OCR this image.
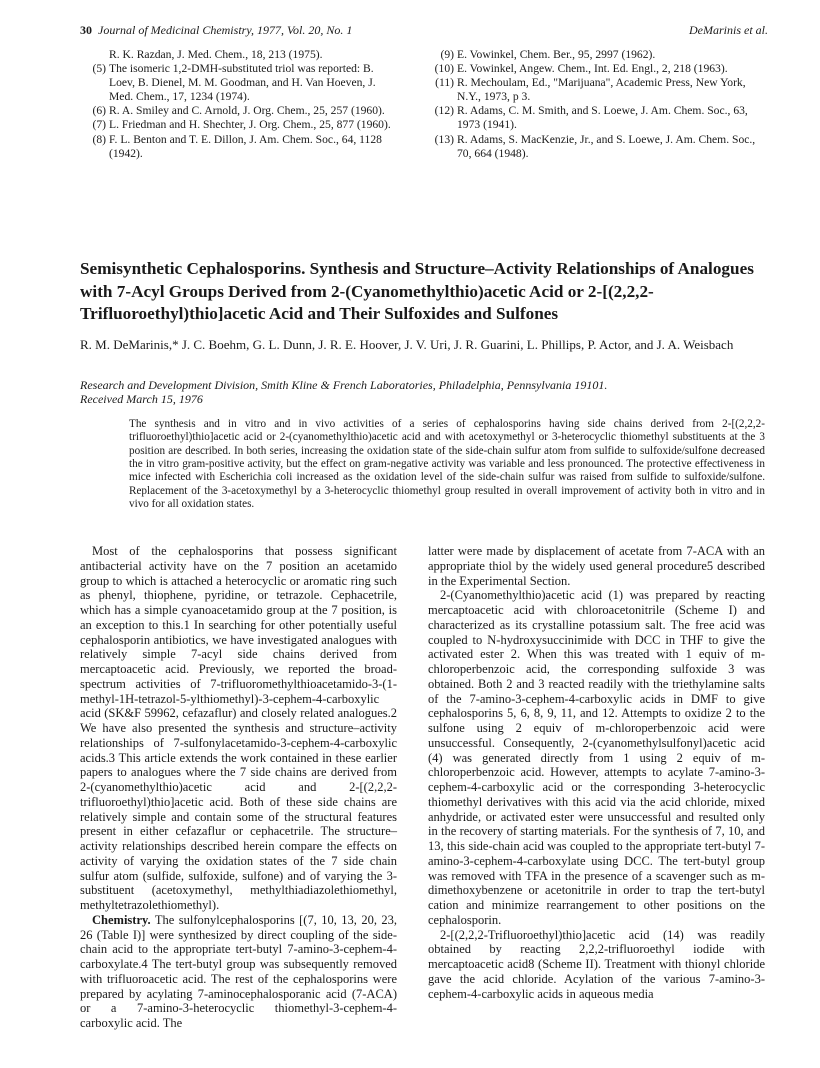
30 Journal of Medicinal Chemistry, 1977, Vol. 20, No. 1	DeMarinis et al.

R. K. Razdan, J. Med. Chem., 18, 213 (1975).

(5) The isomeric 1,2-DMH-substituted triol was reported: B. Loev, B. Dienel, M. M. Goodman, and H. Van Hoeven, J. Med. Chem., 17, 1234 (1974).

(6) R. A. Smiley and C. Arnold, J. Org. Chem., 25, 257 (1960).

(7) L. Friedman and H. Shechter, J. Org. Chem., 25, 877 (1960).

(8) F. L. Benton and T. E. Dillon, J. Am. Chem. Soc., 64, 1128 (1942).

(9) E. Vowinkel, Chem. Ber., 95, 2997 (1962).

(10) E. Vowinkel, Angew. Chem., Int. Ed. Engl., 2, 218 (1963).

(11) R. Mechoulam, Ed., "Marijuana", Academic Press, New York, N.Y., 1973, p 3.

(12) R. Adams, C. M. Smith, and S. Loewe, J. Am. Chem. Soc., 63, 1973 (1941).

(13) R. Adams, S. MacKenzie, Jr., and S. Loewe, J. Am. Chem. Soc., 70, 664 (1948).

Semisynthetic Cephalosporins. Synthesis and Structure–Activity Relationships of Analogues with 7-Acyl Groups Derived from 2-(Cyanomethylthio)acetic Acid or 2-[(2,2,2-Trifluoroethyl)thio]acetic Acid and Their Sulfoxides and Sulfones

R. M. DeMarinis,* J. C. Boehm, G. L. Dunn, J. R. E. Hoover, J. V. Uri, J. R. Guarini, L. Phillips, P. Actor, and J. A. Weisbach

Research and Development Division, Smith Kline & French Laboratories, Philadelphia, Pennsylvania 19101.
Received March 15, 1976

The synthesis and in vitro and in vivo activities of a series of cephalosporins having side chains derived from 2-[(2,2,2-trifluoroethyl)thio]acetic acid or 2-(cyanomethylthio)acetic acid and with acetoxymethyl or 3-heterocyclic thiomethyl substituents at the 3 position are described. In both series, increasing the oxidation state of the side-chain sulfur atom from sulfide to sulfoxide/sulfone decreased the in vitro gram-positive activity, but the effect on gram-negative activity was variable and less pronounced. The protective effectiveness in mice infected with Escherichia coli increased as the oxidation level of the side-chain sulfur was raised from sulfide to sulfoxide/sulfone. Replacement of the 3-acetoxymethyl by a 3-heterocyclic thiomethyl group resulted in overall improvement of activity both in vitro and in vivo for all oxidation states.

Most of the cephalosporins that possess significant antibacterial activity have on the 7 position an acetamido group to which is attached a heterocyclic or aromatic ring such as phenyl, thiophene, pyridine, or tetrazole. Cephacetrile, which has a simple cyanoacetamido group at the 7 position, is an exception to this.1 In searching for other potentially useful cephalosporin antibiotics, we have investigated analogues with relatively simple 7-acyl side chains derived from mercaptoacetic acid. Previously, we reported the broad-spectrum activities of 7-trifluoromethylthioacetamido-3-(1-methyl-1H-tetrazol-5-ylthiomethyl)-3-cephem-4-carboxylic acid (SK&F 59962, cefazaflur) and closely related analogues.2 We have also presented the synthesis and structure–activity relationships of 7-sulfonylacetamido-3-cephem-4-carboxylic acids.3 This article extends the work contained in these earlier papers to analogues where the 7 side chains are derived from 2-(cyanomethylthio)acetic acid and 2-[(2,2,2-trifluoroethyl)thio]acetic acid. Both of these side chains are relatively simple and contain some of the structural features present in either cefazaflur or cephacetrile. The structure–activity relationships described herein compare the effects on activity of varying the oxidation states of the 7 side chain sulfur atom (sulfide, sulfoxide, sulfone) and of varying the 3-substituent (acetoxymethyl, methylthiadiazolethiomethyl, methyltetrazolethiomethyl).

Chemistry. The sulfonylcephalosporins [(7, 10, 13, 20, 23, 26 (Table I)] were synthesized by direct coupling of the side-chain acid to the appropriate tert-butyl 7-amino-3-cephem-4-carboxylate.4 The tert-butyl group was subsequently removed with trifluoroacetic acid. The rest of the cephalosporins were prepared by acylating 7-aminocephalosporanic acid (7-ACA) or a 7-amino-3-heterocyclic thiomethyl-3-cephem-4-carboxylic acid. The

latter were made by displacement of acetate from 7-ACA with an appropriate thiol by the widely used general procedure5 described in the Experimental Section.

2-(Cyanomethylthio)acetic acid (1) was prepared by reacting mercaptoacetic acid with chloroacetonitrile (Scheme I) and characterized as its crystalline potassium salt. The free acid was coupled to N-hydroxysuccinimide with DCC in THF to give the activated ester 2. When this was treated with 1 equiv of m-chloroperbenzoic acid, the corresponding sulfoxide 3 was obtained. Both 2 and 3 reacted readily with the triethylamine salts of the 7-amino-3-cephem-4-carboxylic acids in DMF to give cephalosporins 5, 6, 8, 9, 11, and 12. Attempts to oxidize 2 to the sulfone using 2 equiv of m-chloroperbenzoic acid were unsuccessful. Consequently, 2-(cyanomethylsulfonyl)acetic acid (4) was generated directly from 1 using 2 equiv of m-chloroperbenzoic acid. However, attempts to acylate 7-amino-3-cephem-4-carboxylic acid or the corresponding 3-heterocyclic thiomethyl derivatives with this acid via the acid chloride, mixed anhydride, or activated ester were unsuccessful and resulted only in the recovery of starting materials. For the synthesis of 7, 10, and 13, this side-chain acid was coupled to the appropriate tert-butyl 7-amino-3-cephem-4-carboxylate using DCC. The tert-butyl group was removed with TFA in the presence of a scavenger such as m-dimethoxybenzene or acetonitrile in order to trap the tert-butyl cation and minimize rearrangement to other positions on the cephalosporin.

2-[(2,2,2-Trifluoroethyl)thio]acetic acid (14) was readily obtained by reacting 2,2,2-trifluoroethyl iodide with mercaptoacetic acid8 (Scheme II). Treatment with thionyl chloride gave the acid chloride. Acylation of the various 7-amino-3-cephem-4-carboxylic acids in aqueous media
